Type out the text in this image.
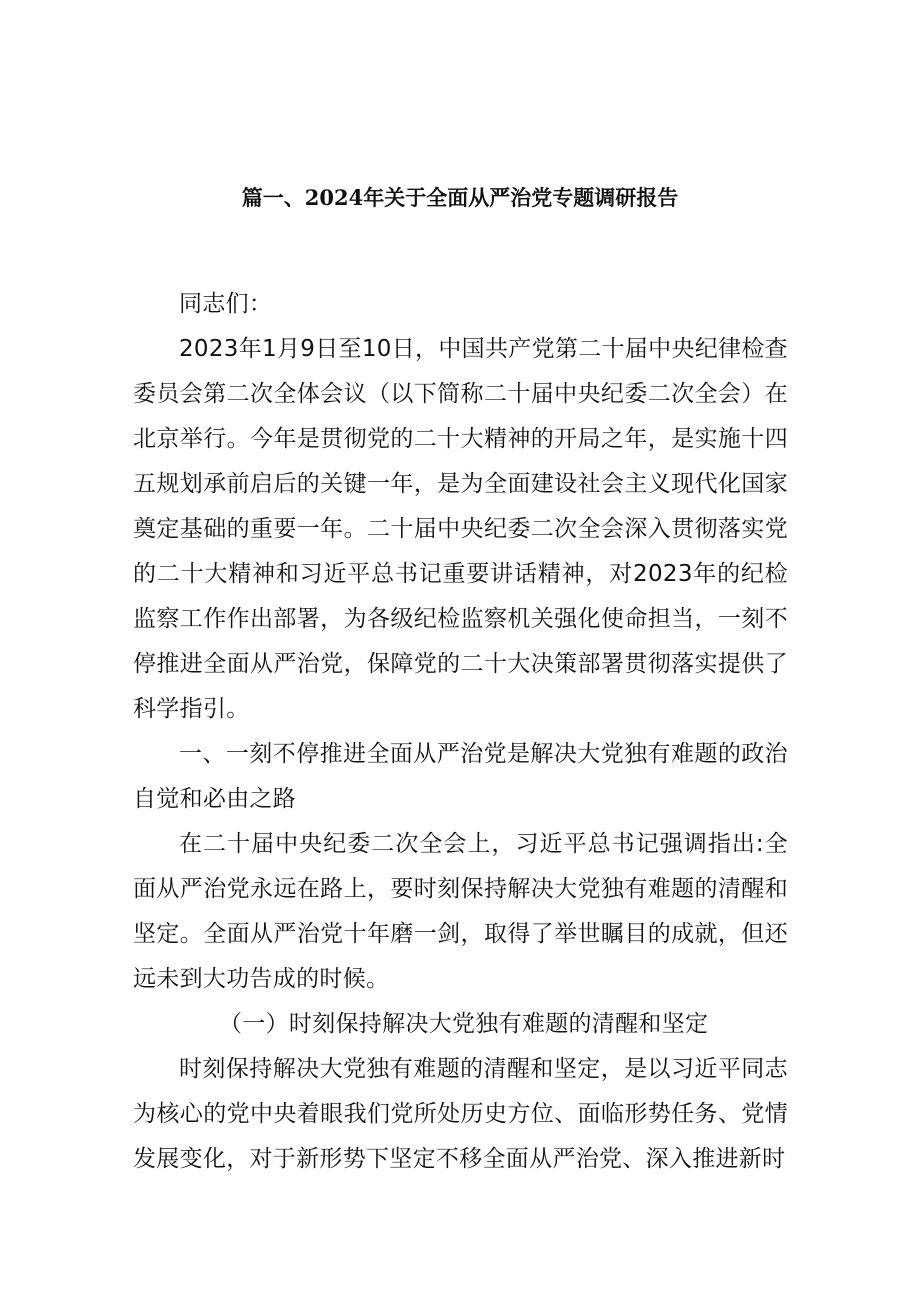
篇一、2024年关于全面从严治党专题调研报告

同志们：

2023年1月9日至10日，中国共产党第二十届中央纪律检查委员会第二次全体会议（以下简称二十届中央纪委二次全会）在北京举行。今年是贯彻党的二十大精神的开局之年，是实施十四五规划承前启后的关键一年，是为全面建设社会主义现代化国家奠定基础的重要一年。二十届中央纪委二次全会深入贯彻落实党的二十大精神和习近平总书记重要讲话精神，对2023年的纪检监察工作作出部署，为各级纪检监察机关强化使命担当，一刻不停推进全面从严治党，保障党的二十大决策部署贯彻落实提供了科学指引。

一、一刻不停推进全面从严治党是解决大党独有难题的政治自觉和必由之路

在二十届中央纪委二次全会上，习近平总书记强调指出:全面从严治党永远在路上，要时刻保持解决大党独有难题的清醒和坚定。全面从严治党十年磨一剑，取得了举世瞩目的成就，但还远未到大功告成的时候。

（一）时刻保持解决大党独有难题的清醒和坚定

时刻保持解决大党独有难题的清醒和坚定，是以习近平同志为核心的党中央着眼我们党所处历史方位、面临形势任务、党情发展变化，对于新形势下坚定不移全面从严治党、深入推进新时
